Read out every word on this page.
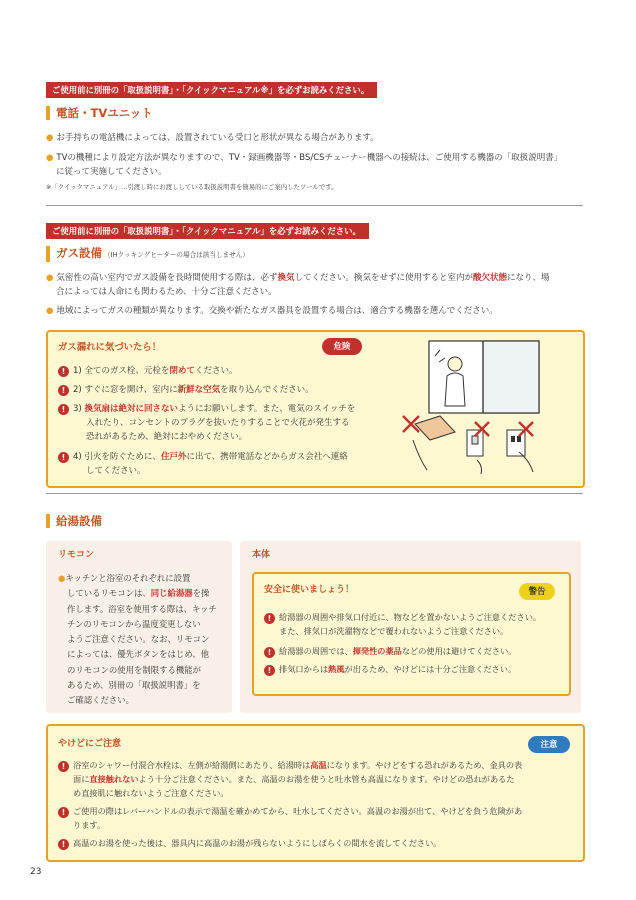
ご使用前に別冊の「取扱説明書」・「クイックマニュアル※」を必ずお読みください。
電話・TVユニット
● お手持ちの電話機によっては、設置されている受口と形状が異なる場合があります。
● TVの機種により設定方法が異なりますので、TV・録画機器等・BS/CSチューナー機器への接続は、ご使用する機器の「取扱説明書」
に従って実施してください。
※「クイックマニュアル」…引渡し時にお渡ししている取扱説明書を簡易的にご案内したツールです。
ご使用前に別冊の「取扱説明書」・「クイックマニュアル」を必ずお読みください。
ガス設備 （IHクッキングヒーターの場合は該当しません）
● 気密性の高い室内でガス設備を長時間使用する際は、必ず換気してください。換気をせずに使用すると室内が酸欠状態になり、場
合によっては人命にも関わるため、十分ご注意ください。
● 地域によってガスの種類が異なります。交換や新たなガス器具を設置する場合は、適合する機器を選んでください。
ガス漏れに気づいたら！	危険
! 1) 全てのガス栓、元栓を閉めてください。
! 2) すぐに窓を開け、室内に新鮮な空気を取り込んでください。
! 3) 換気扇は絶対に回さないようにお願いします。また、電気のスイッチを
入れたり、コンセントのプラグを抜いたりすることで火花が発生する
恐れがあるため、絶対におやめください。
! 4) 引火を防ぐために、住戸外に出て、携帯電話などからガス会社へ連絡
してください。
給湯設備
リモコン
●キッチンと浴室のそれぞれに設置
しているリモコンは、同じ給湯器を操
作します。浴室を使用する際は、キッチ
チンのリモコンから温度変更しない
ようご注意ください。なお、リモコン
によっては、優先ボタンをはじめ、他
のリモコンの使用を制限する機能が
あるため、別冊の「取扱説明書」を
ご確認ください。
本体
安全に使いましょう！	警告
! 給湯器の周囲や排気口付近に、物などを置かないようご注意ください。
また、排気口が洗濯物などで覆われないようご注意ください。
! 給湯器の周囲では、揮発性の薬品などの使用は避けてください。
! 排気口からは熱風が出るため、やけどには十分ご注意ください。
やけどにご注意	注意
! 浴室のシャワー付混合水栓は、左側が給湯側にあたり、給湯時は高温になります。やけどをする恐れがあるため、金具の表
面に直接触れないよう十分ご注意ください。また、高温のお湯を使うと吐水管も高温になります。やけどの恐れがあるた
め直接肌に触れないようご注意ください。
! ご使用の際はレバーハンドルの表示で湯温を確かめてから、吐水してください。高温のお湯が出て、やけどを負う危険があ
ります。
! 高温のお湯を使った後は、器具内に高温のお湯が残らないようにしばらくの間水を流してください。
23
